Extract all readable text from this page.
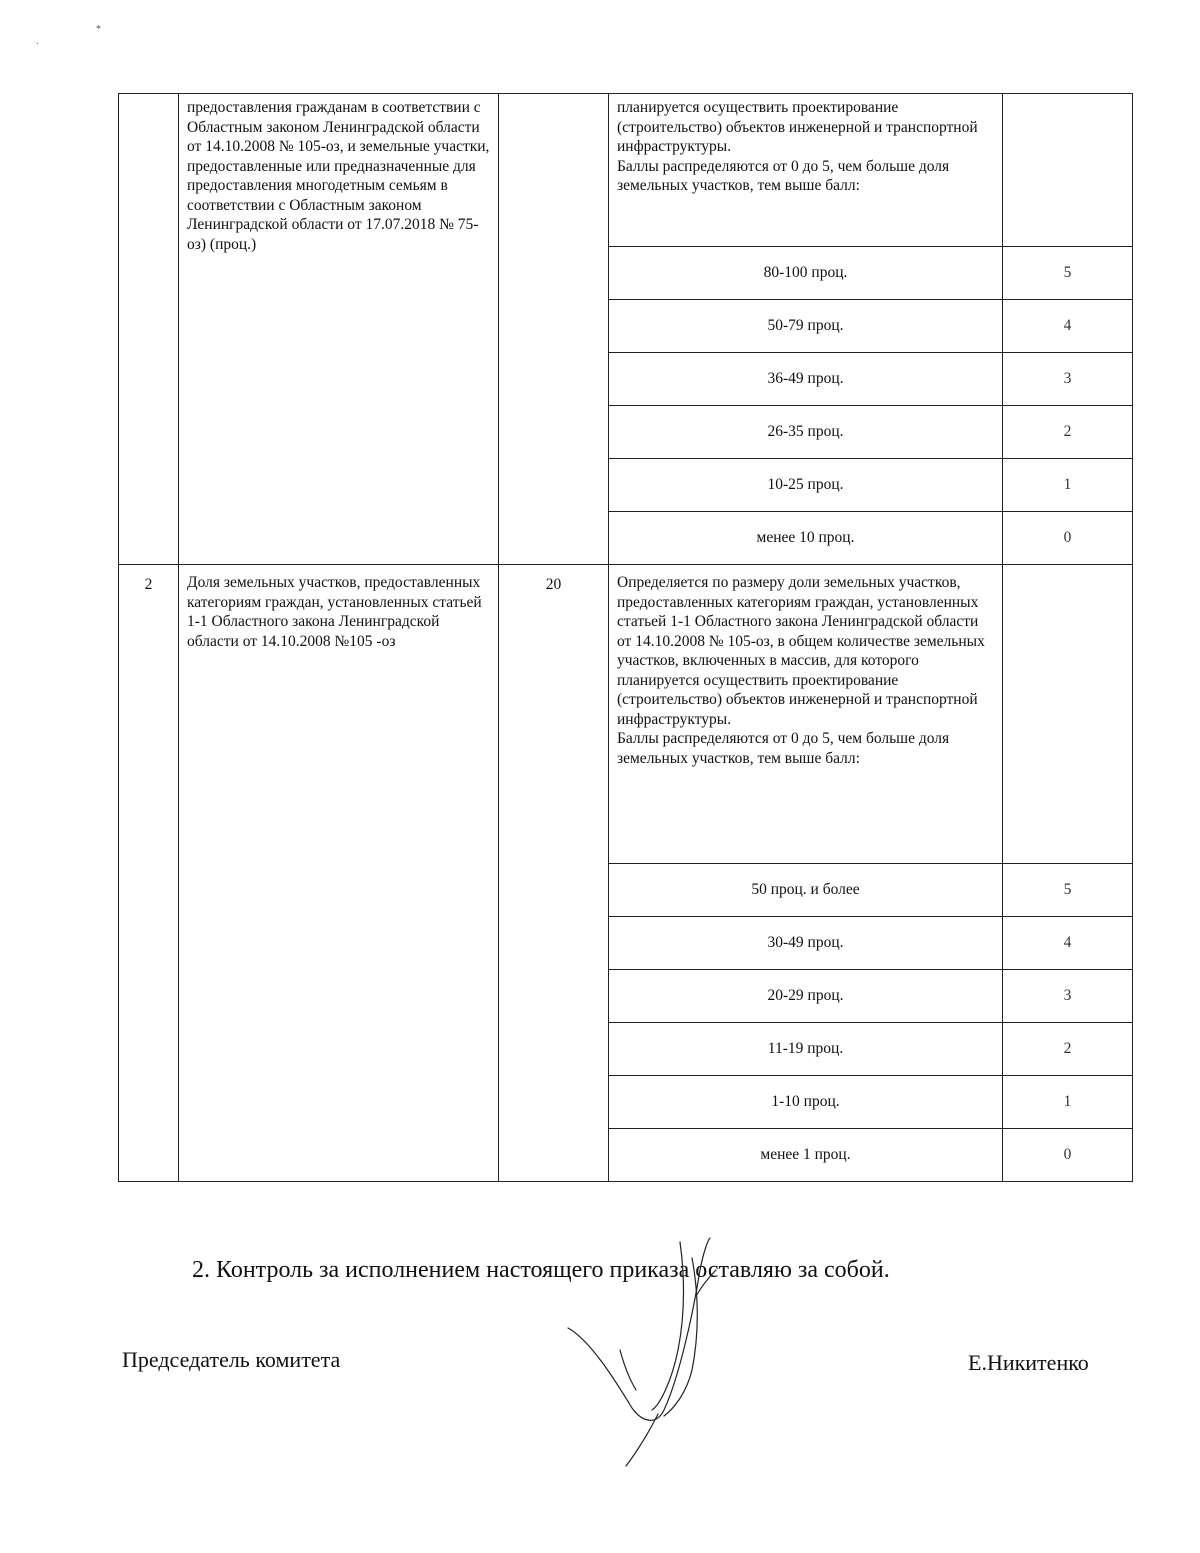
.
*

	предоставления гражданам в соответствии с Областным законом Ленинградской области от 14.10.2008 № 105-оз, и земельные участки, предоставленные или предназначенные для предоставления многодетным семьям в соответствии с Областным законом Ленинградской области от 17.07.2018 № 75-оз) (проц.)		планируется осуществить проектирование (строительство) объектов инженерной и транспортной инфраструктуры.
Баллы распределяются от 0 до 5, чем больше доля земельных участков, тем выше балл:	

			80-100 проц.	5
			50-79 проц.	4
			36-49 проц.	3
			26-35 проц.	2
			10-25 проц.	1
			менее 10 проц.	0
2	Доля земельных участков, предоставленных категориям граждан, установленных статьей 1-1 Областного закона Ленинградской области от 14.10.2008 №105 -оз	20	Определяется по размеру доли земельных участков, предоставленных категориям граждан, установленных статьей 1-1 Областного закона Ленинградской области от 14.10.2008 № 105-оз, в общем количестве земельных участков, включенных в массив, для которого планируется осуществить проектирование (строительство) объектов инженерной и транспортной инфраструктуры.
Баллы распределяются от 0 до 5, чем больше доля земельных участков, тем выше балл:	

			50 проц. и более	5
			30-49 проц.	4
			20-29 проц.	3
			11-19 проц.	2
			1-10 проц.	1
			менее 1 проц.	0
2. Контроль за исполнением настоящего приказа оставляю за собой.
Председатель комитета	Е.Никитенко
